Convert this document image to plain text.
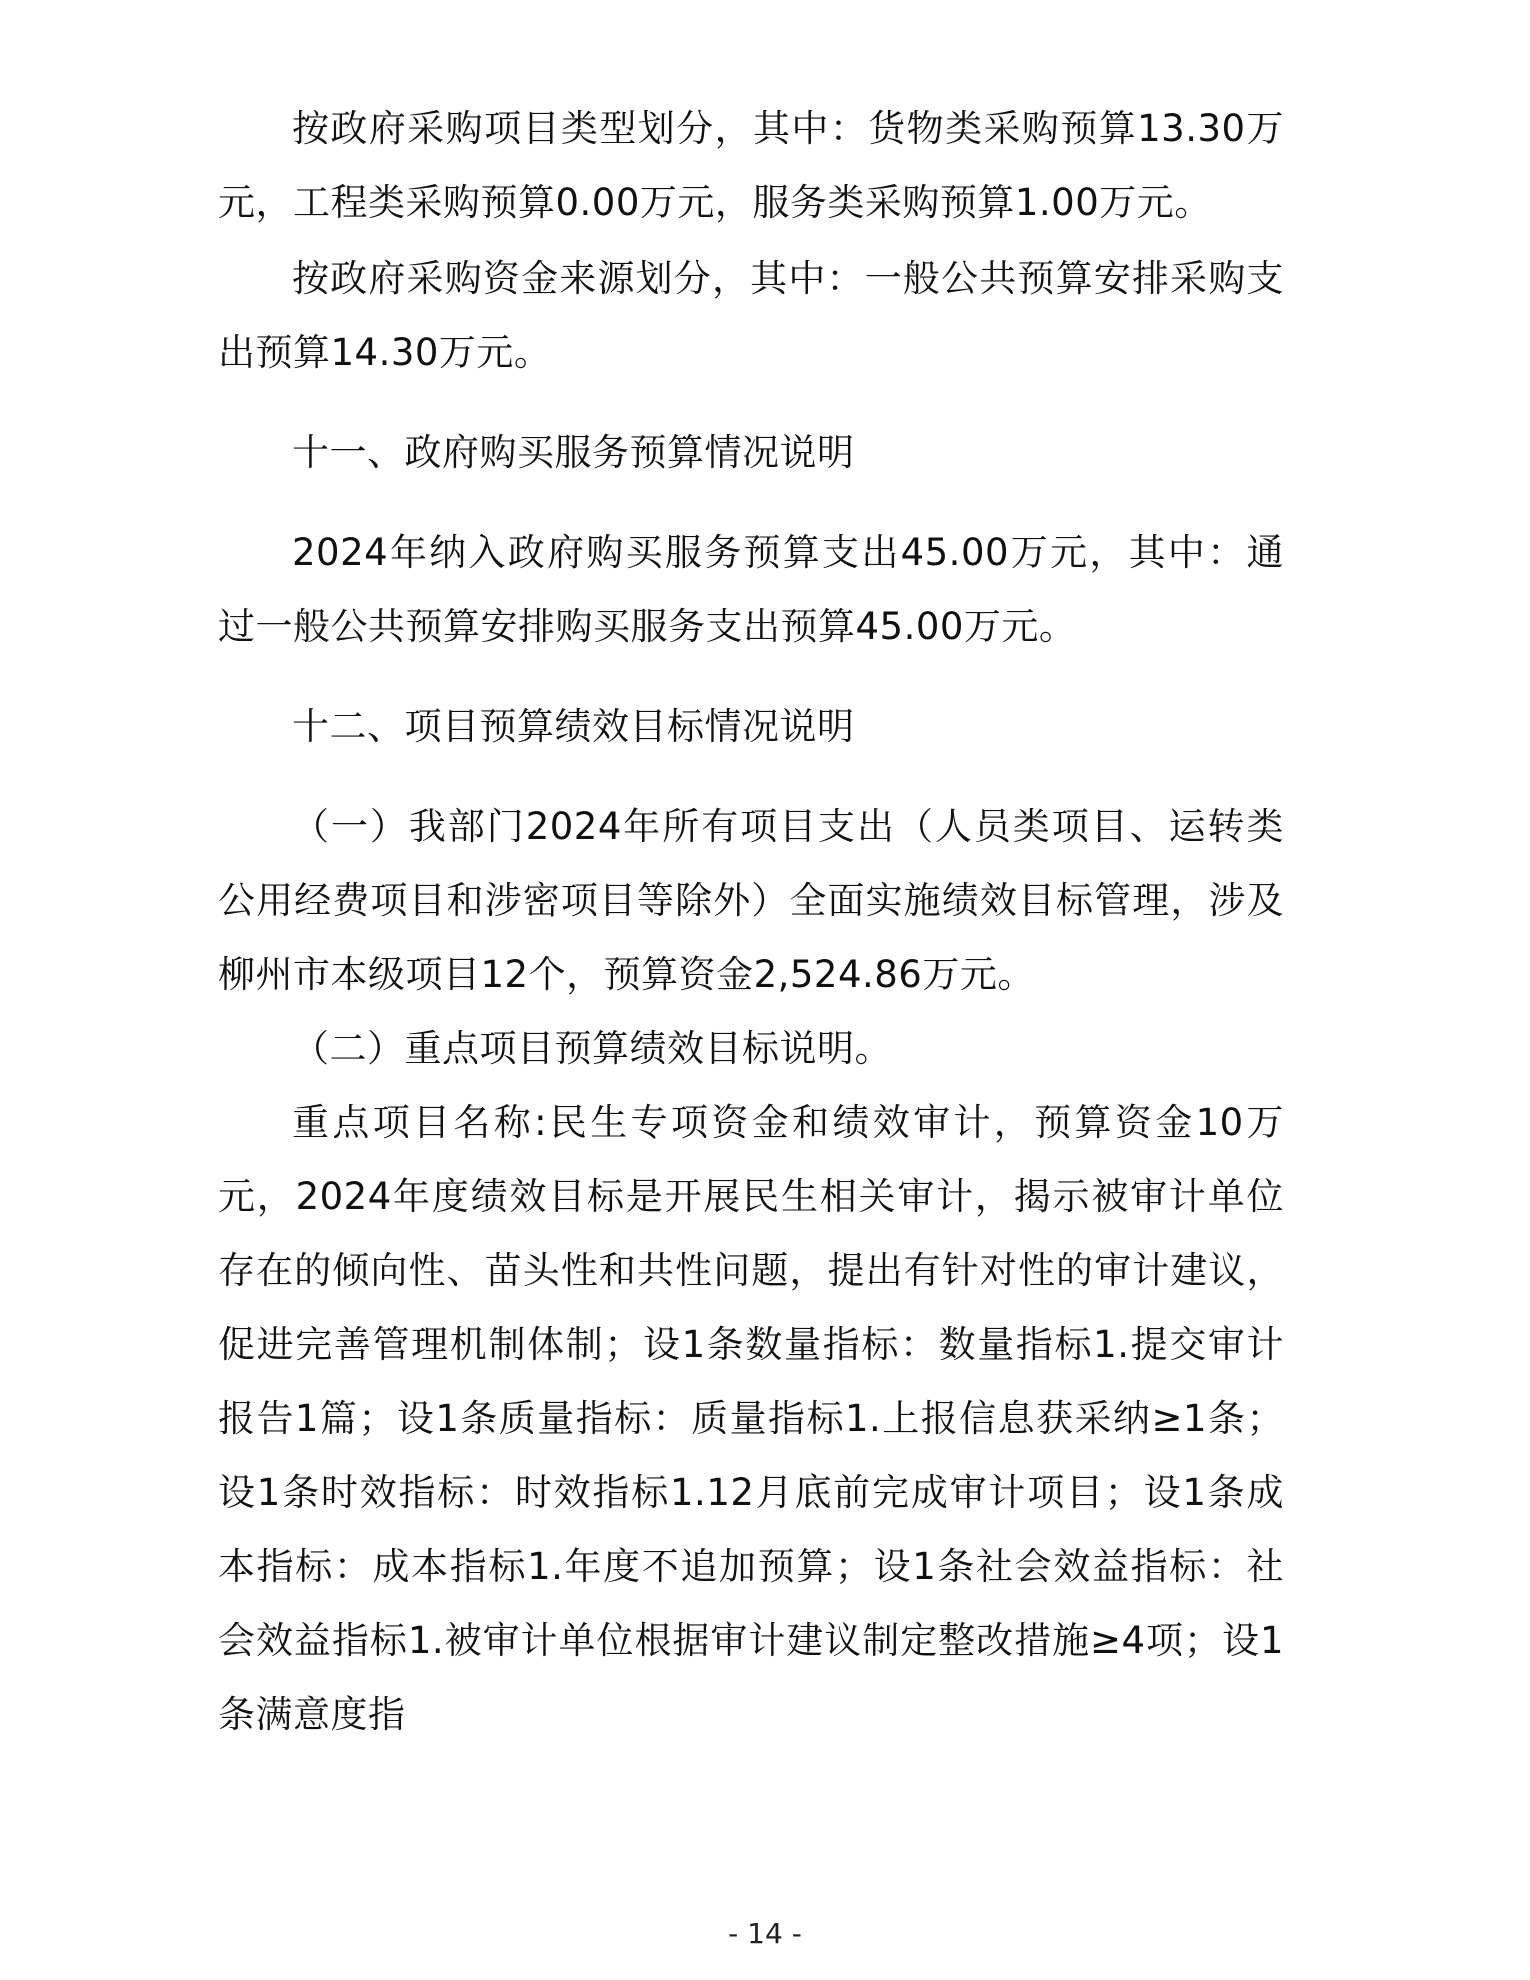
按政府采购项目类型划分，其中：货物类采购预算13.30万元，工程类采购预算0.00万元，服务类采购预算1.00万元。

按政府采购资金来源划分，其中：一般公共预算安排采购支出预算14.30万元。

十一、政府购买服务预算情况说明

2024年纳入政府购买服务预算支出45.00万元，其中：通过一般公共预算安排购买服务支出预算45.00万元。

十二、项目预算绩效目标情况说明

（一）我部门2024年所有项目支出（人员类项目、运转类公用经费项目和涉密项目等除外）全面实施绩效目标管理，涉及柳州市本级项目12个，预算资金2,524.86万元。

（二）重点项目预算绩效目标说明。

重点项目名称:民生专项资金和绩效审计，预算资金10万元，2024年度绩效目标是开展民生相关审计，揭示被审计单位存在的倾向性、苗头性和共性问题，提出有针对性的审计建议，促进完善管理机制体制；设1条数量指标：数量指标1.提交审计报告1篇；设1条质量指标：质量指标1.上报信息获采纳≥1条；设1条时效指标：时效指标1.12月底前完成审计项目；设1条成本指标：成本指标1.年度不追加预算；设1条社会效益指标：社会效益指标1.被审计单位根据审计建议制定整改措施≥4项；设1条满意度指

- 14 -
